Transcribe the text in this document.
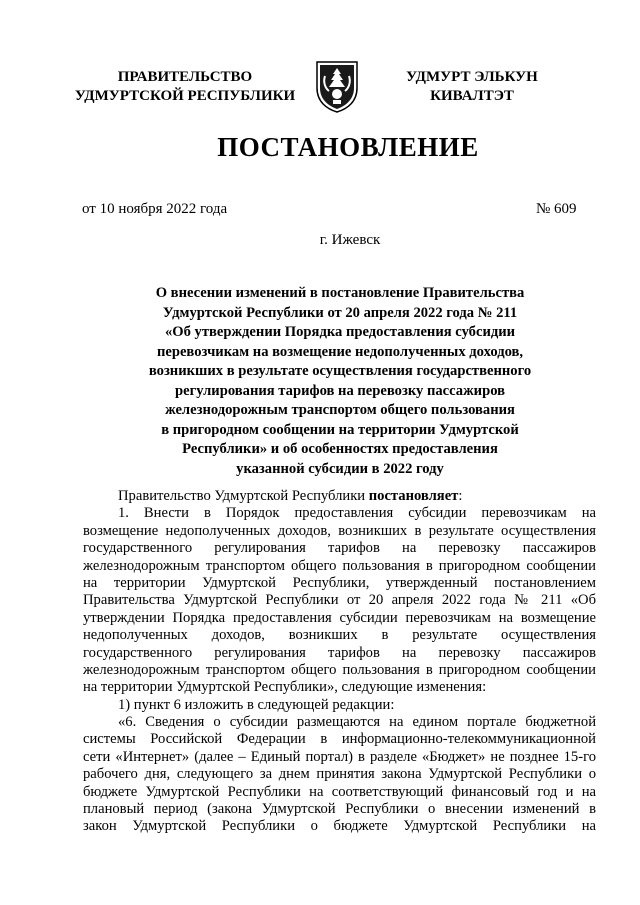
ПРАВИТЕЛЬСТВО
УДМУРТСКОЙ РЕСПУБЛИКИ
УДМУРТ ЭЛЬКУН
КИВАЛТЭТ
ПОСТАНОВЛЕНИЕ
от 10 ноября 2022 года	№ 609
г. Ижевск
О внесении изменений в постановление Правительства
Удмуртской Республики от 20 апреля 2022 года № 211
«Об утверждении Порядка предоставления субсидии
перевозчикам на возмещение недополученных доходов,
возникших в результате осуществления государственного
регулирования тарифов на перевозку пассажиров
железнодорожным транспортом общего пользования
в пригородном сообщении на территории Удмуртской
Республики» и об особенностях предоставления
указанной субсидии в 2022 году
Правительство Удмуртской Республики постановляет:
1. Внести в Порядок предоставления субсидии перевозчикам на
возмещение недополученных доходов, возникших в результате осуществления
государственного регулирования тарифов на перевозку пассажиров
железнодорожным транспортом общего пользования в пригородном сообщении
на территории Удмуртской Республики, утвержденный постановлением
Правительства Удмуртской Республики от 20 апреля 2022 года № 211 «Об
утверждении Порядка предоставления субсидии перевозчикам на возмещение
недополученных доходов, возникших в результате осуществления
государственного регулирования тарифов на перевозку пассажиров
железнодорожным транспортом общего пользования в пригородном сообщении
на территории Удмуртской Республики», следующие изменения:
1) пункт 6 изложить в следующей редакции:
«6. Сведения о субсидии размещаются на едином портале бюджетной
системы Российской Федерации в информационно-телекоммуникационной
сети «Интернет» (далее – Единый портал) в разделе «Бюджет» не позднее 15-го
рабочего дня, следующего за днем принятия закона Удмуртской Республики о
бюджете Удмуртской Республики на соответствующий финансовый год и на
плановый период (закона Удмуртской Республики о внесении изменений в
закон Удмуртской Республики о бюджете Удмуртской Республики на
